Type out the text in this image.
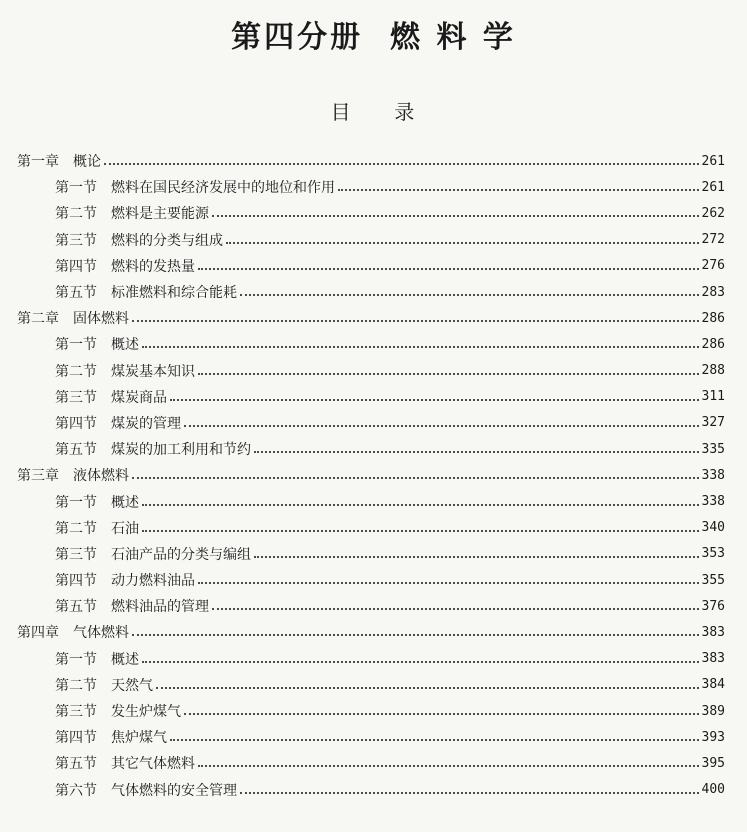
第四分册  燃 料 学
目     录
第一章	概论	261
第一节	燃料在国民经济发展中的地位和作用	261
第二节	燃料是主要能源	262
第三节	燃料的分类与组成	272
第四节	燃料的发热量	276
第五节	标准燃料和综合能耗	283
第二章	固体燃料	286
第一节	概述	286
第二节	煤炭基本知识	288
第三节	煤炭商品	311
第四节	煤炭的管理	327
第五节	煤炭的加工利用和节约	335
第三章	液体燃料	338
第一节	概述	338
第二节	石油	340
第三节	石油产品的分类与编组	353
第四节	动力燃料油品	355
第五节	燃料油品的管理	376
第四章	气体燃料	383
第一节	概述	383
第二节	天然气	384
第三节	发生炉煤气	389
第四节	焦炉煤气	393
第五节	其它气体燃料	395
第六节	气体燃料的安全管理	400
